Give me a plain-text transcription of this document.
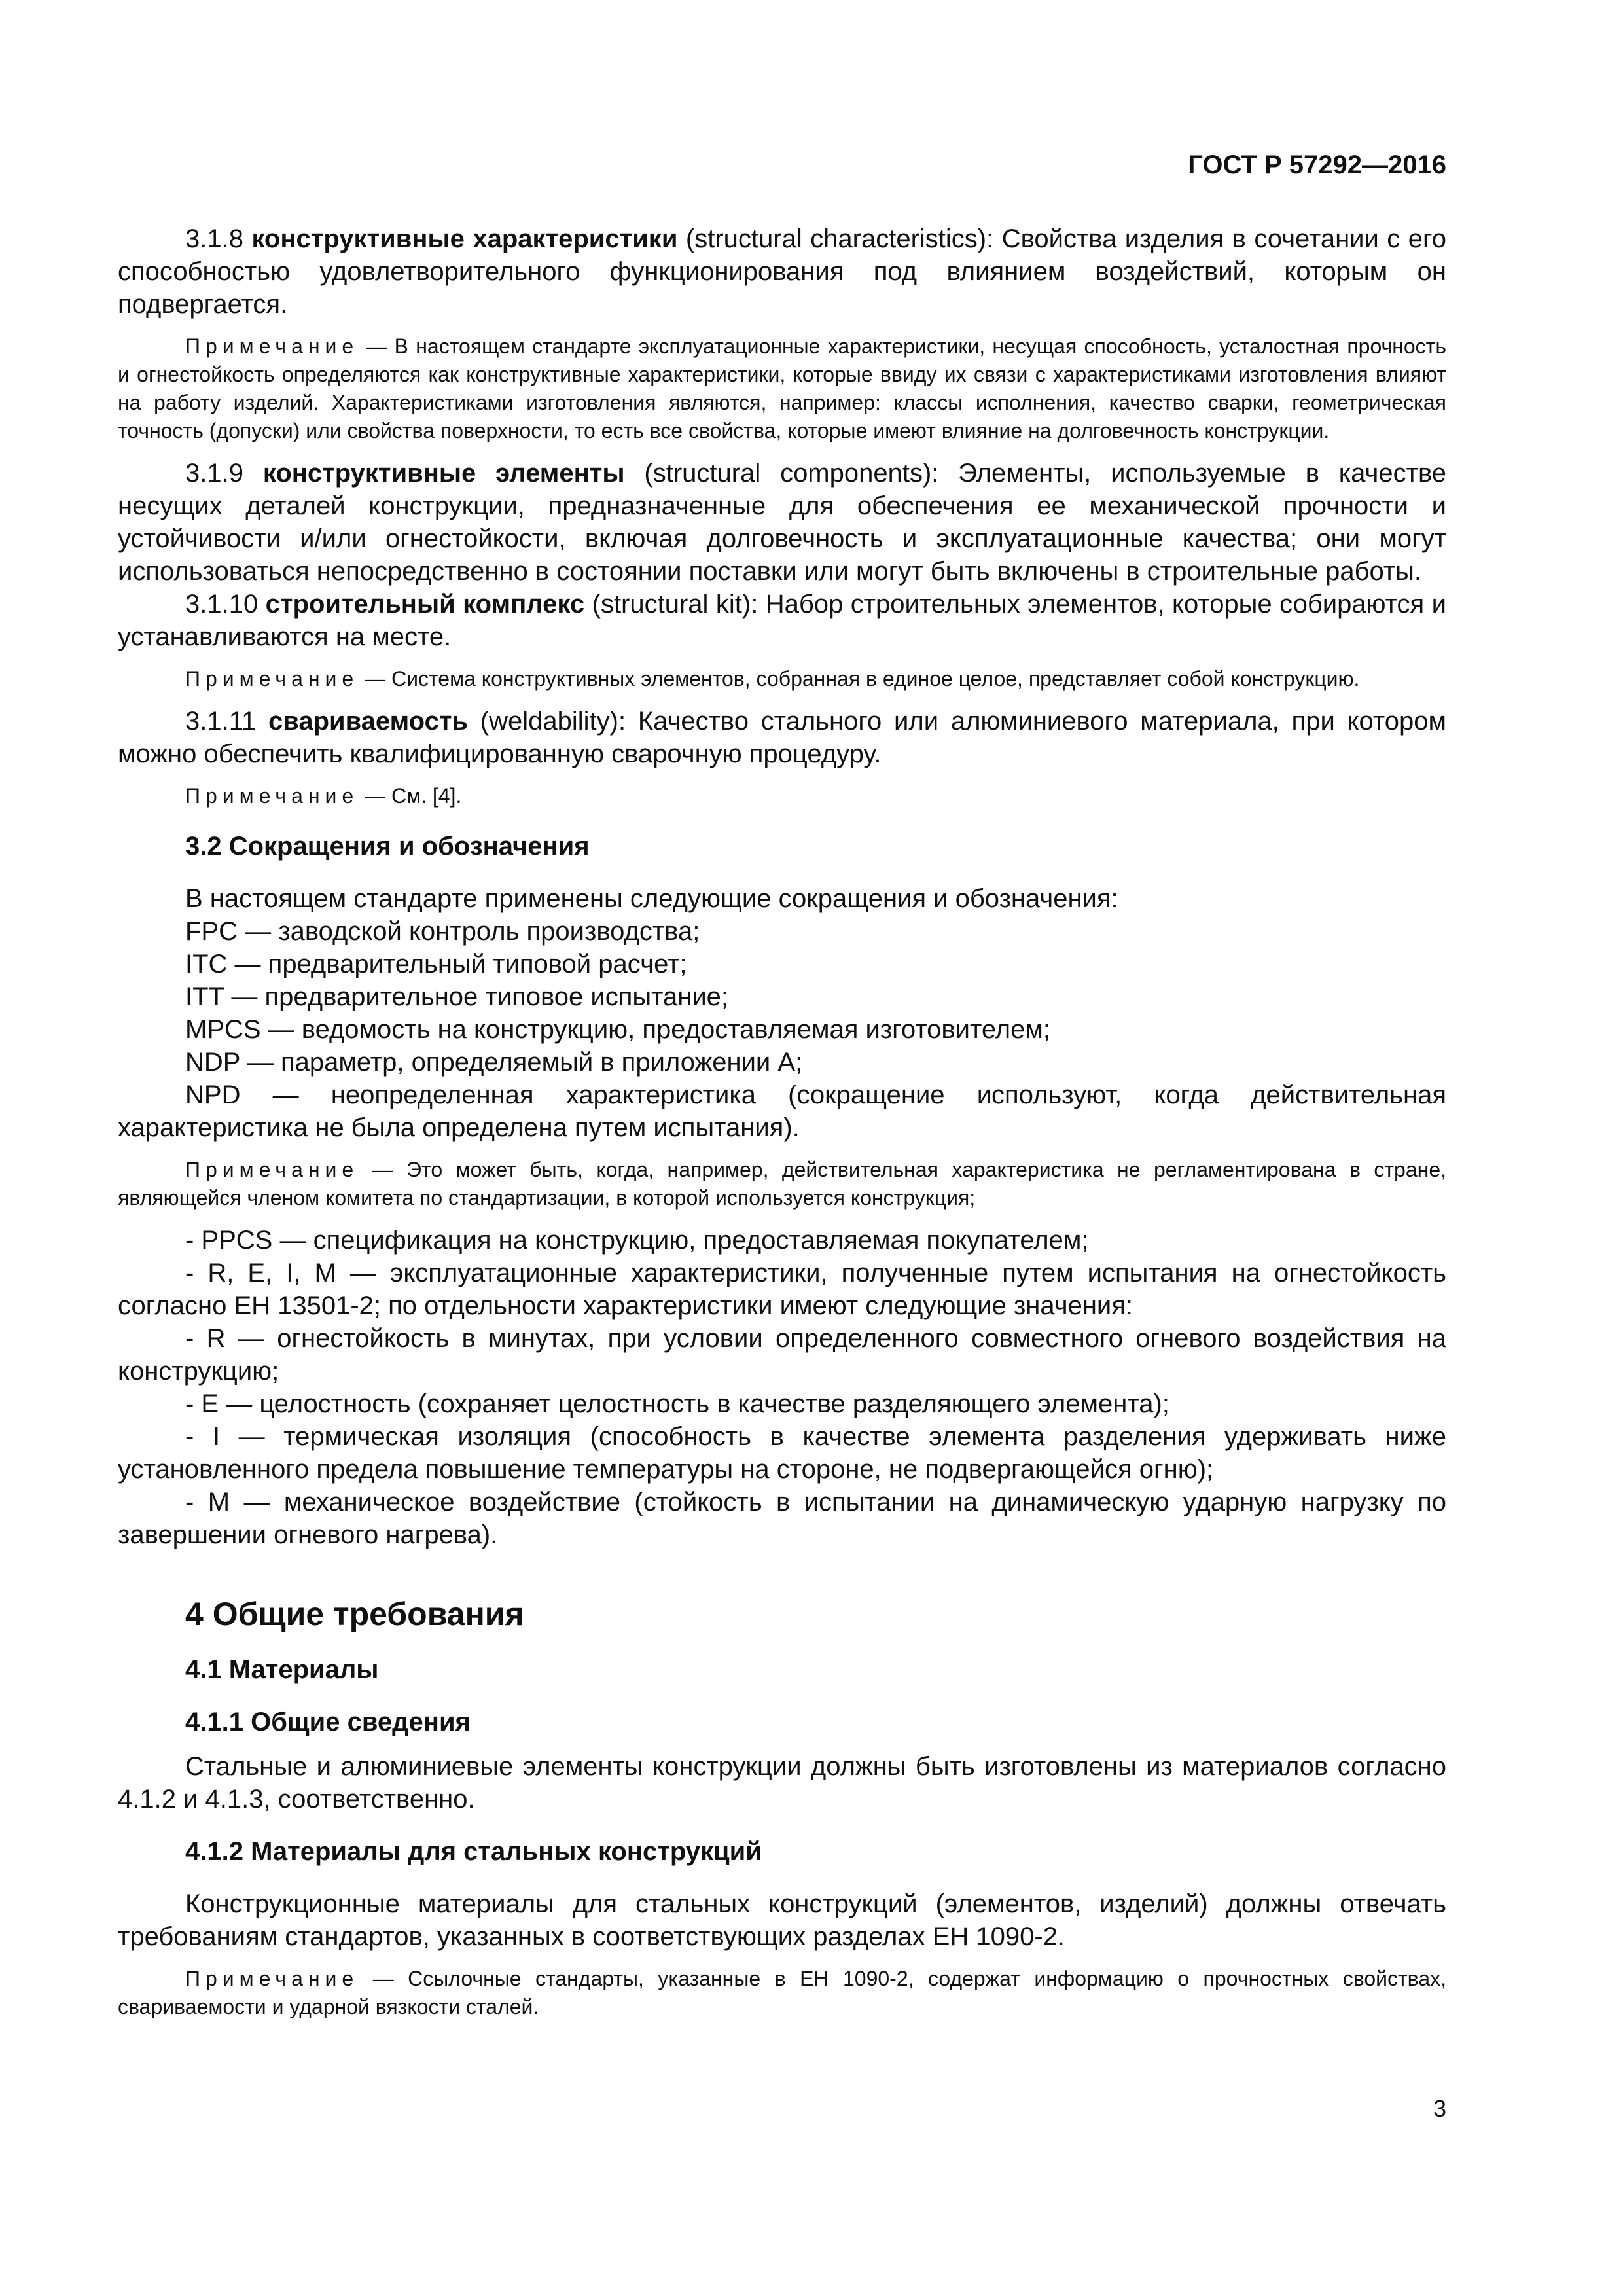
ГОСТ Р 57292—2016

3.1.8 конструктивные характеристики (structural characteristics): Свойства изделия в сочетании с его способностью удовлетворительного функционирования под влиянием воздействий, которым он подвергается.

Примечание — В настоящем стандарте эксплуатационные характеристики, несущая способность, усталостная прочность и огнестойкость определяются как конструктивные характеристики, которые ввиду их связи с характеристиками изготовления влияют на работу изделий. Характеристиками изготовления являются, например: классы исполнения, качество сварки, геометрическая точность (допуски) или свойства поверхности, то есть все свойства, которые имеют влияние на долговечность конструкции.

3.1.9 конструктивные элементы (structural components): Элементы, используемые в качестве несущих деталей конструкции, предназначенные для обеспечения ее механической прочности и устойчивости и/или огнестойкости, включая долговечность и эксплуатационные качества; они могут использоваться непосредственно в состоянии поставки или могут быть включены в строительные работы.

3.1.10 строительный комплекс (structural kit): Набор строительных элементов, которые собираются и устанавливаются на месте.

Примечание — Система конструктивных элементов, собранная в единое целое, представляет собой конструкцию.

3.1.11 свариваемость (weldability): Качество стального или алюминиевого материала, при котором можно обеспечить квалифицированную сварочную процедуру.

Примечание — См. [4].

3.2 Сокращения и обозначения

В настоящем стандарте применены следующие сокращения и обозначения:

FPC — заводской контроль производства;

ITC — предварительный типовой расчет;

ITT — предварительное типовое испытание;

MPCS — ведомость на конструкцию, предоставляемая изготовителем;

NDP — параметр, определяемый в приложении А;

NPD — неопределенная характеристика (сокращение используют, когда действительная характеристика не была определена путем испытания).

Примечание — Это может быть, когда, например, действительная характеристика не регламентирована в стране, являющейся членом комитета по стандартизации, в которой используется конструкция;

- PPCS — спецификация на конструкцию, предоставляемая покупателем;

- R, E, I, M — эксплуатационные характеристики, полученные путем испытания на огнестойкость согласно ЕН 13501-2; по отдельности характеристики имеют следующие значения:

- R — огнестойкость в минутах, при условии определенного совместного огневого воздействия на конструкцию;

- E — целостность (сохраняет целостность в качестве разделяющего элемента);

- I — термическая изоляция (способность в качестве элемента разделения удерживать ниже установленного предела повышение температуры на стороне, не подвергающейся огню);

- M — механическое воздействие (стойкость в испытании на динамическую ударную нагрузку по завершении огневого нагрева).

4 Общие требования
4.1 Материалы
4.1.1 Общие сведения

Стальные и алюминиевые элементы конструкции должны быть изготовлены из материалов согласно 4.1.2 и 4.1.3, соответственно.

4.1.2 Материалы для стальных конструкций

Конструкционные материалы для стальных конструкций (элементов, изделий) должны отвечать требованиям стандартов, указанных в соответствующих разделах ЕН 1090-2.

Примечание — Ссылочные стандарты, указанные в ЕН 1090-2, содержат информацию о прочностных свойствах, свариваемости и ударной вязкости сталей.

3
